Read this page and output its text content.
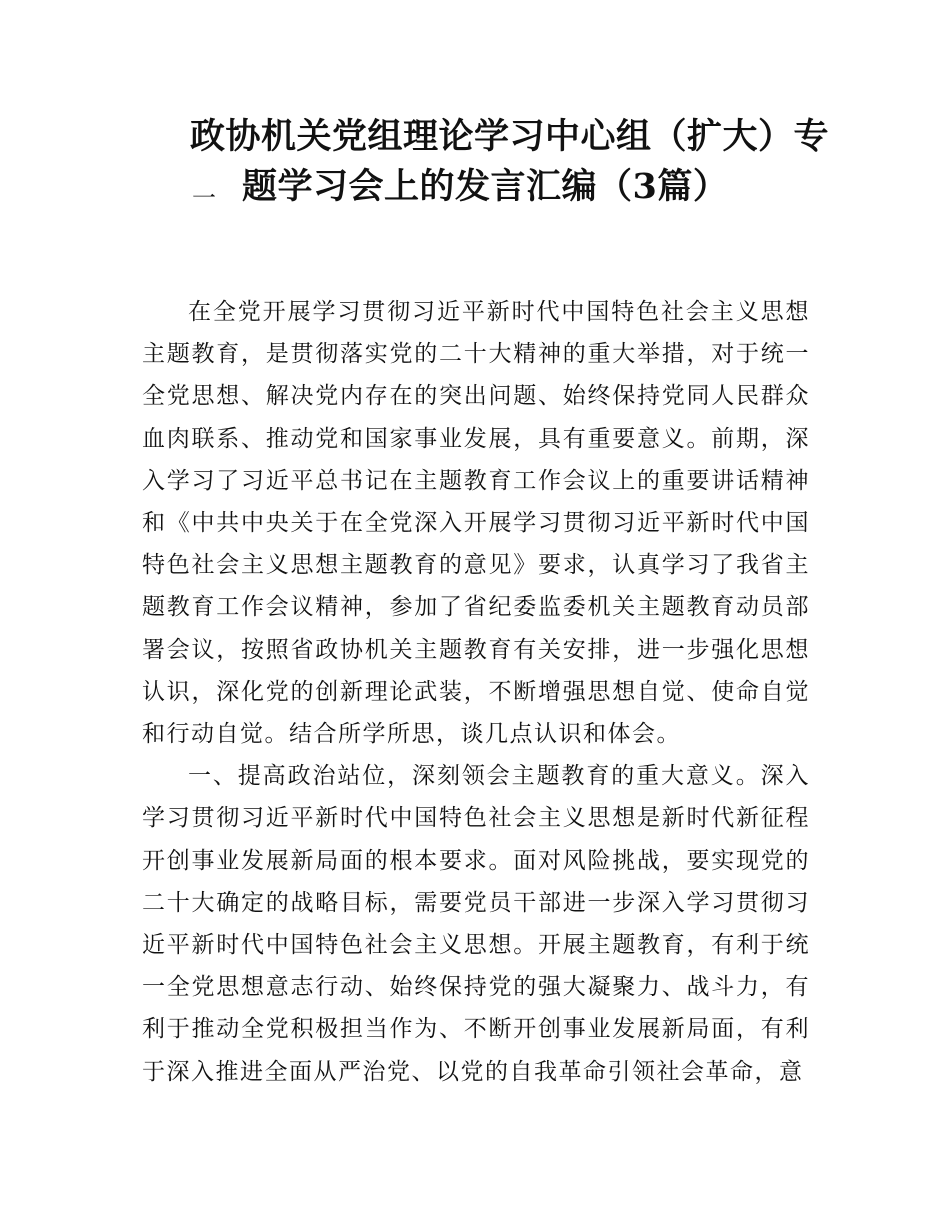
政协机关党组理论学习中心组（扩大）专
题学习会上的发言汇编（3篇）
一

在全党开展学习贯彻习近平新时代中国特色社会主义思想主题教育，是贯彻落实党的二十大精神的重大举措，对于统一全党思想、解决党内存在的突出问题、始终保持党同人民群众血肉联系、推动党和国家事业发展，具有重要意义。前期，深入学习了习近平总书记在主题教育工作会议上的重要讲话精神和《中共中央关于在全党深入开展学习贯彻习近平新时代中国特色社会主义思想主题教育的意见》要求，认真学习了我省主题教育工作会议精神，参加了省纪委监委机关主题教育动员部署会议，按照省政协机关主题教育有关安排，进一步强化思想认识，深化党的创新理论武装，不断增强思想自觉、使命自觉和行动自觉。结合所学所思，谈几点认识和体会。

一、提高政治站位，深刻领会主题教育的重大意义。深入学习贯彻习近平新时代中国特色社会主义思想是新时代新征程开创事业发展新局面的根本要求。面对风险挑战，要实现党的二十大确定的战略目标，需要党员干部进一步深入学习贯彻习近平新时代中国特色社会主义思想。开展主题教育，有利于统一全党思想意志行动、始终保持党的强大凝聚力、战斗力，有利于推动全党积极担当作为、不断开创事业发展新局面，有利于深入推进全面从严治党、以党的自我革命引领社会革命，意
